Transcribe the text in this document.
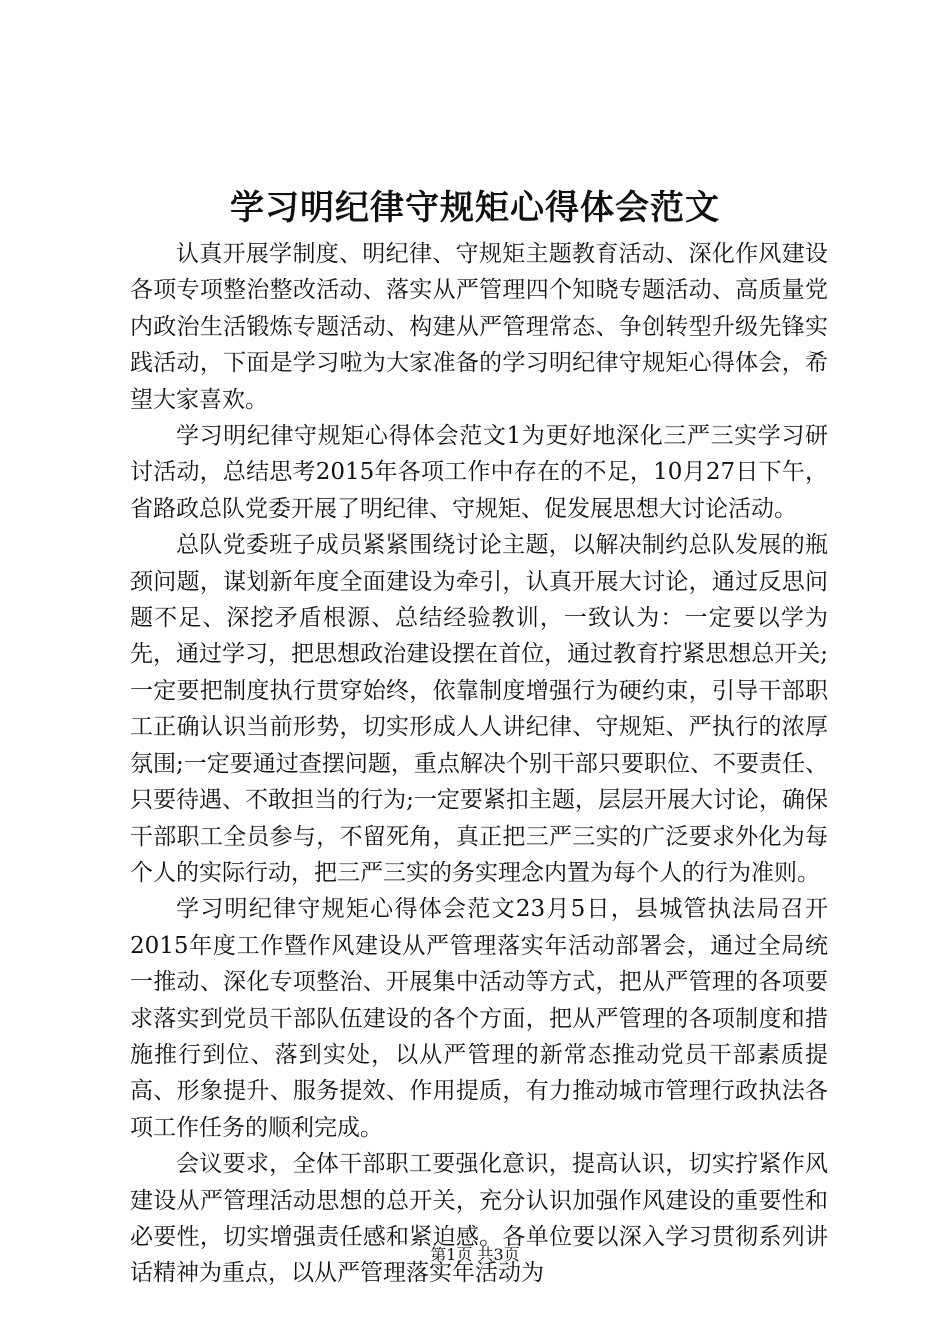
学习明纪律守规矩心得体会范文

认真开展学制度、明纪律、守规矩主题教育活动、深化作风建设各项专项整治整改活动、落实从严管理四个知晓专题活动、高质量党内政治生活锻炼专题活动、构建从严管理常态、争创转型升级先锋实践活动，下面是学习啦为大家准备的学习明纪律守规矩心得体会，希望大家喜欢。

学习明纪律守规矩心得体会范文1为更好地深化三严三实学习研讨活动，总结思考2015年各项工作中存在的不足，10月27日下午，省路政总队党委开展了明纪律、守规矩、促发展思想大讨论活动。

总队党委班子成员紧紧围绕讨论主题，以解决制约总队发展的瓶颈问题，谋划新年度全面建设为牵引，认真开展大讨论，通过反思问题不足、深挖矛盾根源、总结经验教训，一致认为：一定要以学为先，通过学习，把思想政治建设摆在首位，通过教育拧紧思想总开关;一定要把制度执行贯穿始终，依靠制度增强行为硬约束，引导干部职工正确认识当前形势，切实形成人人讲纪律、守规矩、严执行的浓厚氛围;一定要通过查摆问题，重点解决个别干部只要职位、不要责任、只要待遇、不敢担当的行为;一定要紧扣主题，层层开展大讨论，确保干部职工全员参与，不留死角，真正把三严三实的广泛要求外化为每个人的实际行动，把三严三实的务实理念内置为每个人的行为准则。

学习明纪律守规矩心得体会范文23月5日，县城管执法局召开2015年度工作暨作风建设从严管理落实年活动部署会，通过全局统一推动、深化专项整治、开展集中活动等方式，把从严管理的各项要求落实到党员干部队伍建设的各个方面，把从严管理的各项制度和措施推行到位、落到实处，以从严管理的新常态推动党员干部素质提高、形象提升、服务提效、作用提质，有力推动城市管理行政执法各项工作任务的顺利完成。

会议要求，全体干部职工要强化意识，提高认识，切实拧紧作风建设从严管理活动思想的总开关，充分认识加强作风建设的重要性和必要性，切实增强责任感和紧迫感。各单位要以深入学习贯彻系列讲话精神为重点，以从严管理落实年活动为

第1页 共3页
